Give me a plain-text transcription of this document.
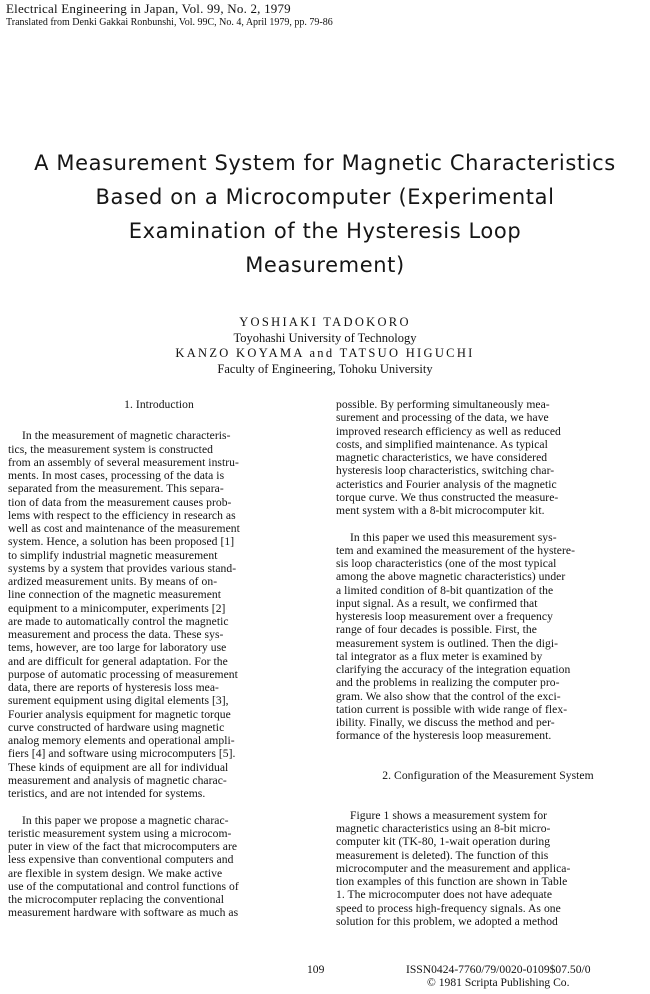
Electrical Engineering in Japan, Vol. 99, No. 2, 1979
Translated from Denki Gakkai Ronbunshi, Vol. 99C, No. 4, April 1979, pp. 79-86
A Measurement System for Magnetic Characteristics
Based on a Microcomputer (Experimental
Examination of the Hysteresis Loop
Measurement)
YOSHIAKI TADOKORO
Toyohashi University of Technology
KANZO KOYAMA and TATSUO HIGUCHI
Faculty of Engineering, Tohoku University
1. Introduction
In the measurement of magnetic characteris-
tics, the measurement system is constructed
from an assembly of several measurement instru-
ments. In most cases, processing of the data is
separated from the measurement. This separa-
tion of data from the measurement causes prob-
lems with respect to the efficiency in research as
well as cost and maintenance of the measurement
system. Hence, a solution has been proposed [1]
to simplify industrial magnetic measurement
systems by a system that provides various stand-
ardized measurement units. By means of on-
line connection of the magnetic measurement
equipment to a minicomputer, experiments [2]
are made to automatically control the magnetic
measurement and process the data. These sys-
tems, however, are too large for laboratory use
and are difficult for general adaptation. For the
purpose of automatic processing of measurement
data, there are reports of hysteresis loss mea-
surement equipment using digital elements [3],
Fourier analysis equipment for magnetic torque
curve constructed of hardware using magnetic
analog memory elements and operational ampli-
fiers [4] and software using microcomputers [5].
These kinds of equipment are all for individual
measurement and analysis of magnetic charac-
teristics, and are not intended for systems.
In this paper we propose a magnetic charac-
teristic measurement system using a microcom-
puter in view of the fact that microcomputers are
less expensive than conventional computers and
are flexible in system design. We make active
use of the computational and control functions of
the microcomputer replacing the conventional
measurement hardware with software as much as
possible. By performing simultaneously mea-
surement and processing of the data, we have
improved research efficiency as well as reduced
costs, and simplified maintenance. As typical
magnetic characteristics, we have considered
hysteresis loop characteristics, switching char-
acteristics and Fourier analysis of the magnetic
torque curve. We thus constructed the measure-
ment system with a 8-bit microcomputer kit.
In this paper we used this measurement sys-
tem and examined the measurement of the hystere-
sis loop characteristics (one of the most typical
among the above magnetic characteristics) under
a limited condition of 8-bit quantization of the
input signal. As a result, we confirmed that
hysteresis loop measurement over a frequency
range of four decades is possible. First, the
measurement system is outlined. Then the digi-
tal integrator as a flux meter is examined by
clarifying the accuracy of the integration equation
and the problems in realizing the computer pro-
gram. We also show that the control of the exci-
tation current is possible with wide range of flex-
ibility. Finally, we discuss the method and per-
formance of the hysteresis loop measurement.
2. Configuration of the Measurement System
Figure 1 shows a measurement system for
magnetic characteristics using an 8-bit micro-
computer kit (TK-80, 1-wait operation during
measurement is deleted). The function of this
microcomputer and the measurement and applica-
tion examples of this function are shown in Table
1. The microcomputer does not have adequate
speed to process high-frequency signals. As one
solution for this problem, we adopted a method
109	ISSN0424-7760/79/0020-0109$07.50/0
© 1981 Scripta Publishing Co.
